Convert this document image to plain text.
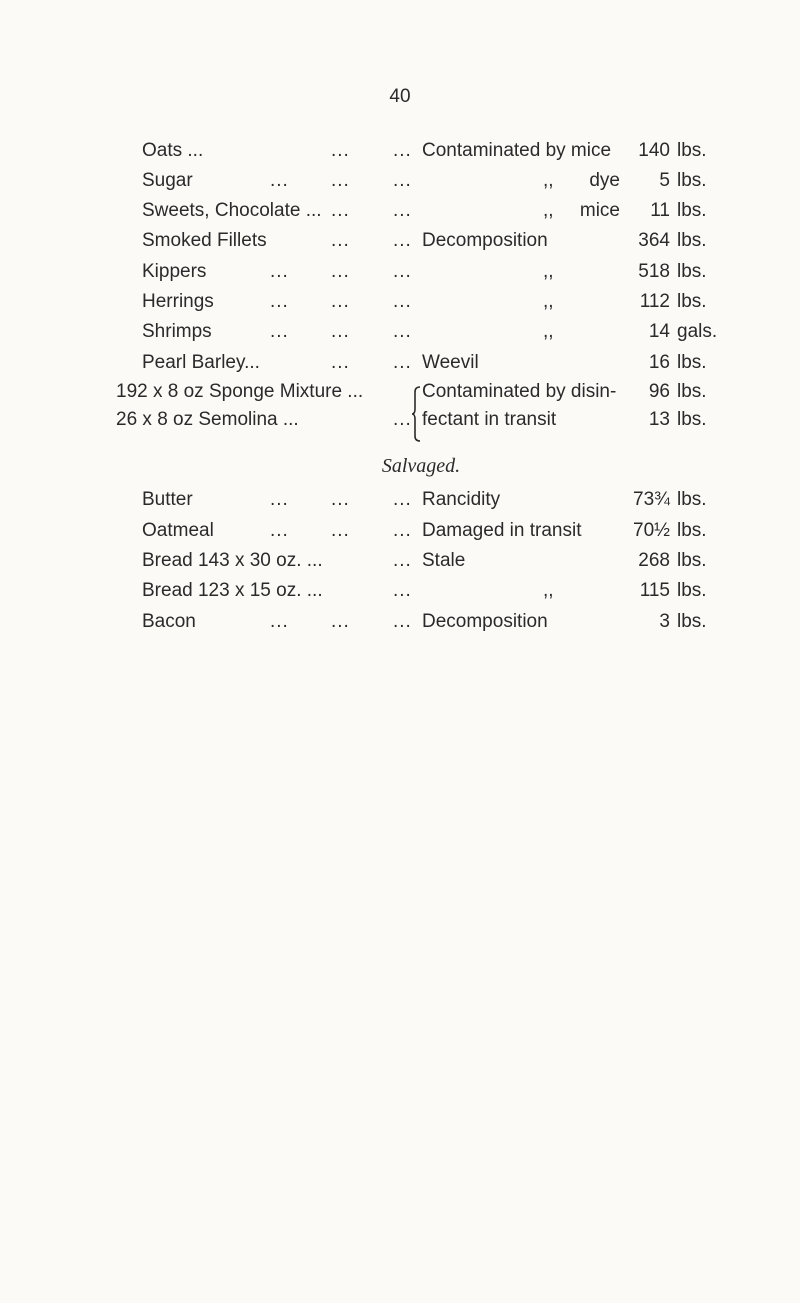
40
Oats ...	... ... Contaminated by mice 140 lbs.
Sugar	... ... ...	,, dye 5 lbs.
Sweets, Chocolate ... ... ...	,, mice 11 lbs.
Smoked Fillets	... ... Decomposition	364 lbs.
Kippers	... ... ...	,,	518 lbs.
Herrings	... ... ...	,,	112 lbs.
Shrimps	... ... ...	,,	14 gals.
Pearl Barley...	... ... Weevil	16 lbs.
192 x 8 oz Sponge Mixture ...	Contaminated by disin- 96 lbs.
26 x 8 oz Semolina ...	... fectant in transit	13 lbs.
Salvaged.
Butter	... ... ... Rancidity	73¾ lbs.
Oatmeal	... ... ... Damaged in transit	70½ lbs.
Bread 143 x 30 oz. ...	... Stale	268 lbs.
Bread 123 x 15 oz. ...	...	,,	115 lbs.
Bacon	... ... ... Decomposition	3 lbs.
